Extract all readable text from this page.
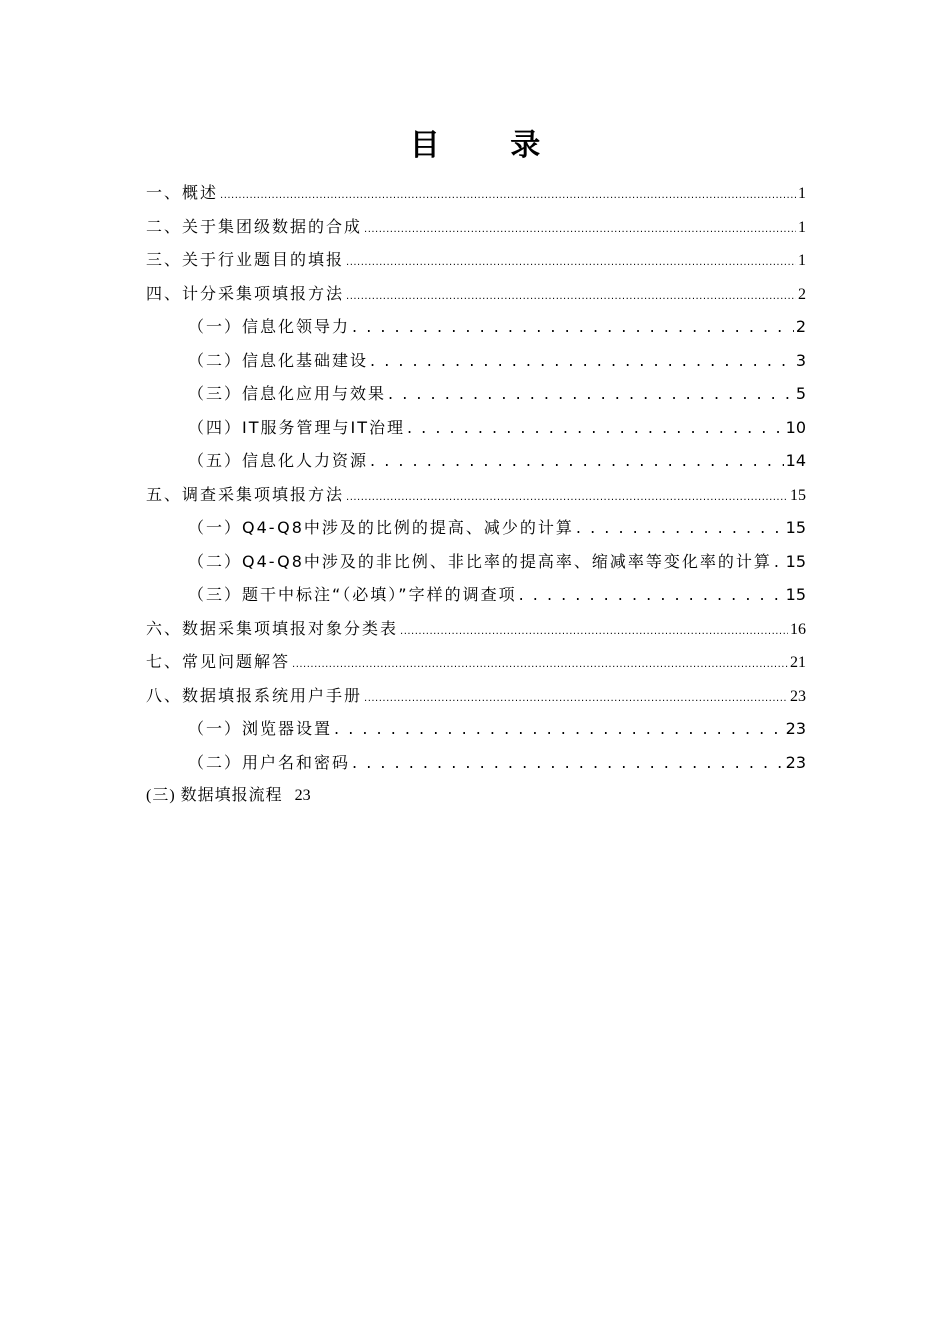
目 录
一、概述 .....	1
二、关于集团级数据的合成 .....	1
三、关于行业题目的填报 .....	1
四、计分采集项填报方法 .....	2
（一）信息化领导力 . . .	2
（二）信息化基础建设 . . .	3
（三）信息化应用与效果 . . .	5
（四）IT服务管理与IT治理 . . .	10
（五）信息化人力资源 . . .	14
五、调查采集项填报方法 .....	15
（一）Q4-Q8中涉及的比例的提高、减少的计算 . . .	15
（二）Q4-Q8中涉及的非比例、非比率的提高率、缩减率等变化率的计算 . . . 15
（三）题干中标注“（必填）”字样的调查项 . . .	15
六、数据采集项填报对象分类表 .....	16
七、常见问题解答 .....	21
八、数据填报系统用户手册 .....	23
（一）浏览器设置 . . .	23
（二）用户名和密码 . . .	23
(三) 数据填报流程 23
